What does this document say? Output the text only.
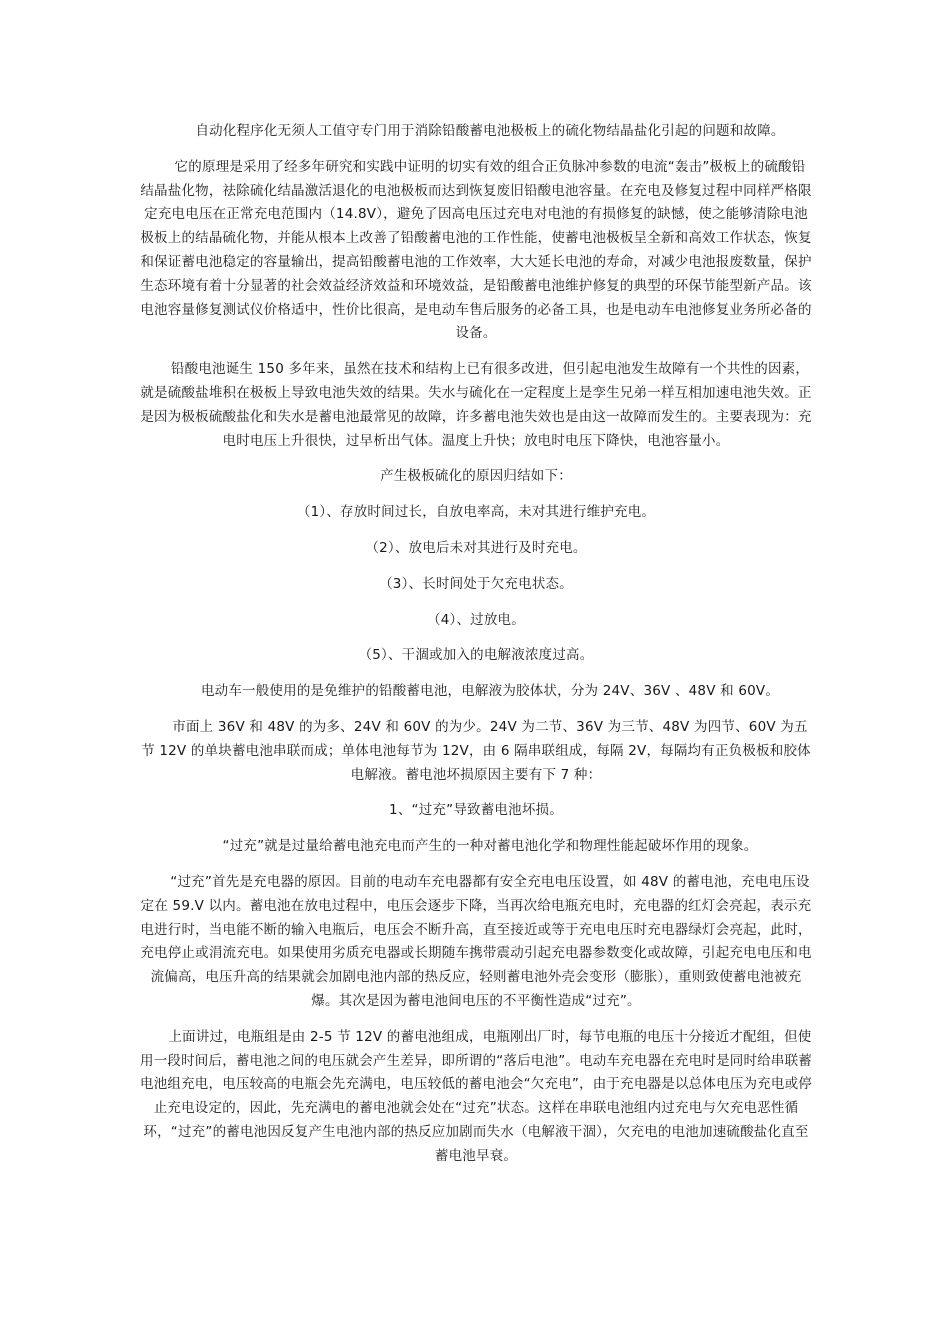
自动化程序化无须人工值守专门用于消除铅酸蓄电池极板上的硫化物结晶盐化引起的问题和故障。

它的原理是采用了经多年研究和实践中证明的切实有效的组合正负脉冲参数的电流“轰击”极板上的硫酸铅结晶盐化物，祛除硫化结晶激活退化的电池极板而达到恢复废旧铅酸电池容量。在充电及修复过程中同样严格限定充电电压在正常充电范围内（14.8V），避免了因高电压过充电对电池的有损修复的缺憾，使之能够清除电池极板上的结晶硫化物，并能从根本上改善了铅酸蓄电池的工作性能，使蓄电池极板呈全新和高效工作状态，恢复和保证蓄电池稳定的容量输出，提高铅酸蓄电池的工作效率，大大延长电池的寿命，对减少电池报废数量，保护生态环境有着十分显著的社会效益经济效益和环境效益，是铅酸蓄电池维护修复的典型的环保节能型新产品。该电池容量修复测试仪价格适中，性价比很高，是电动车售后服务的必备工具，也是电动车电池修复业务所必备的设备。

铅酸电池诞生 150 多年来，虽然在技术和结构上已有很多改进，但引起电池发生故障有一个共性的因素，就是硫酸盐堆积在极板上导致电池失效的结果。失水与硫化在一定程度上是孪生兄弟一样互相加速电池失效。正是因为极板硫酸盐化和失水是蓄电池最常见的故障，许多蓄电池失效也是由这一故障而发生的。主要表现为：充电时电压上升很快，过早析出气体。温度上升快；放电时电压下降快，电池容量小。

产生极板硫化的原因归结如下：

（1）、存放时间过长，自放电率高，未对其进行维护充电。

（2）、放电后未对其进行及时充电。

（3）、长时间处于欠充电状态。

（4）、过放电。

（5）、干涸或加入的电解液浓度过高。

电动车一般使用的是免维护的铅酸蓄电池，电解液为胶体状，分为 24V、36V 、48V 和 60V。

市面上 36V 和 48V 的为多、24V 和 60V 的为少。24V 为二节、36V 为三节、48V 为四节、60V 为五节 12V 的单块蓄电池串联而成；单体电池每节为 12V，由 6 隔串联组成，每隔 2V，每隔均有正负极板和胶体电解液。蓄电池坏损原因主要有下 7 种：

1、“过充”导致蓄电池坏损。

“过充”就是过量给蓄电池充电而产生的一种对蓄电池化学和物理性能起破坏作用的现象。

“过充”首先是充电器的原因。目前的电动车充电器都有安全充电电压设置，如 48V 的蓄电池，充电电压设定在 59.V 以内。蓄电池在放电过程中，电压会逐步下降，当再次给电瓶充电时，充电器的红灯会亮起，表示充电进行时，当电能不断的输入电瓶后，电压会不断升高，直至接近或等于充电电压时充电器绿灯会亮起，此时，充电停止或涓流充电。如果使用劣质充电器或长期随车携带震动引起充电器参数变化或故障，引起充电电压和电流偏高，电压升高的结果就会加剧电池内部的热反应，轻则蓄电池外壳会变形（膨胀），重则致使蓄电池被充爆。其次是因为蓄电池间电压的不平衡性造成“过充”。

上面讲过，电瓶组是由 2-5 节 12V 的蓄电池组成，电瓶刚出厂时，每节电瓶的电压十分接近才配组，但使用一段时间后，蓄电池之间的电压就会产生差异，即所谓的“落后电池”。电动车充电器在充电时是同时给串联蓄电池组充电，电压较高的电瓶会先充满电，电压较低的蓄电池会“欠充电”，由于充电器是以总体电压为充电或停止充电设定的，因此，先充满电的蓄电池就会处在“过充”状态。这样在串联电池组内过充电与欠充电恶性循环，“过充”的蓄电池因反复产生电池内部的热反应加剧而失水（电解液干涸），欠充电的电池加速硫酸盐化直至蓄电池早衰。
